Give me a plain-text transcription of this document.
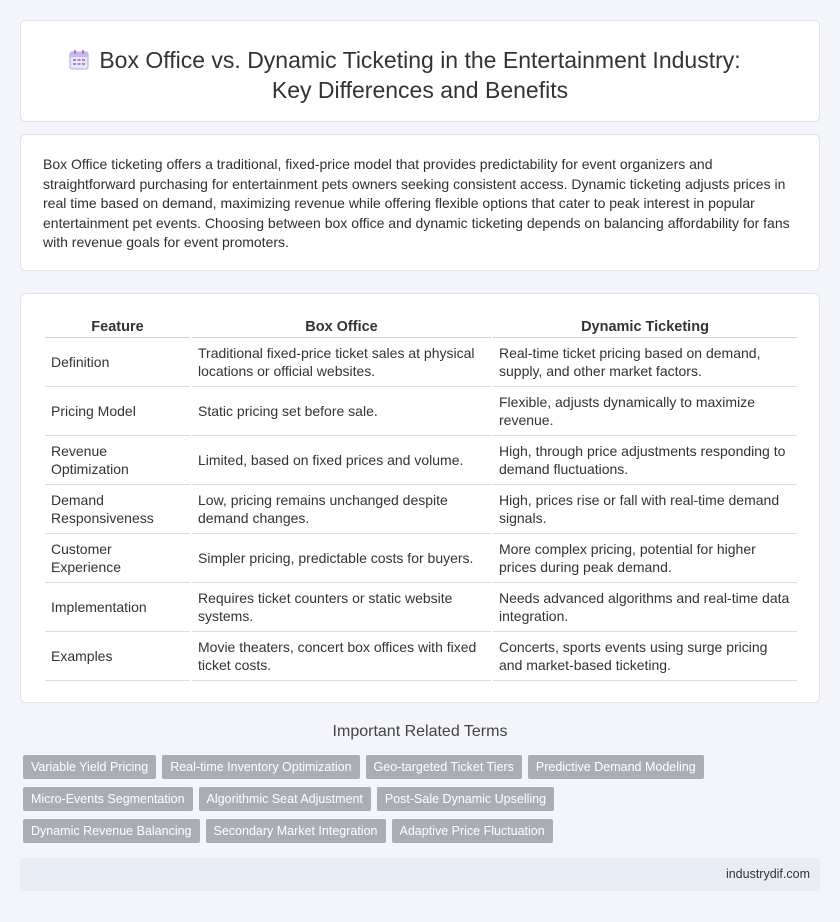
Box Office vs. Dynamic Ticketing in the Entertainment Industry:
Key Differences and Benefits

Box Office ticketing offers a traditional, fixed-price model that provides predictability for event organizers and straightforward purchasing for entertainment pets owners seeking consistent access. Dynamic ticketing adjusts prices in real time based on demand, maximizing revenue while offering flexible options that cater to peak interest in popular entertainment pet events. Choosing between box office and dynamic ticketing depends on balancing affordability for fans with revenue goals for event promoters.

Feature	Box Office	Dynamic Ticketing
Definition	Traditional fixed-price ticket sales at physical locations or official websites.	Real-time ticket pricing based on demand, supply, and other market factors.
Pricing Model	Static pricing set before sale.	Flexible, adjusts dynamically to maximize revenue.
Revenue Optimization	Limited, based on fixed prices and volume.	High, through price adjustments responding to demand fluctuations.
Demand Responsiveness	Low, pricing remains unchanged despite demand changes.	High, prices rise or fall with real-time demand signals.
Customer Experience	Simpler pricing, predictable costs for buyers.	More complex pricing, potential for higher prices during peak demand.
Implementation	Requires ticket counters or static website systems.	Needs advanced algorithms and real-time data integration.
Examples	Movie theaters, concert box offices with fixed ticket costs.	Concerts, sports events using surge pricing and market-based ticketing.
Important Related Terms
Variable Yield Pricing	Real-time Inventory Optimization	Geo-targeted Ticket Tiers	Predictive Demand Modeling
Micro-Events Segmentation	Algorithmic Seat Adjustment	Post-Sale Dynamic Upselling
Dynamic Revenue Balancing	Secondary Market Integration	Adaptive Price Fluctuation
industrydif.com
